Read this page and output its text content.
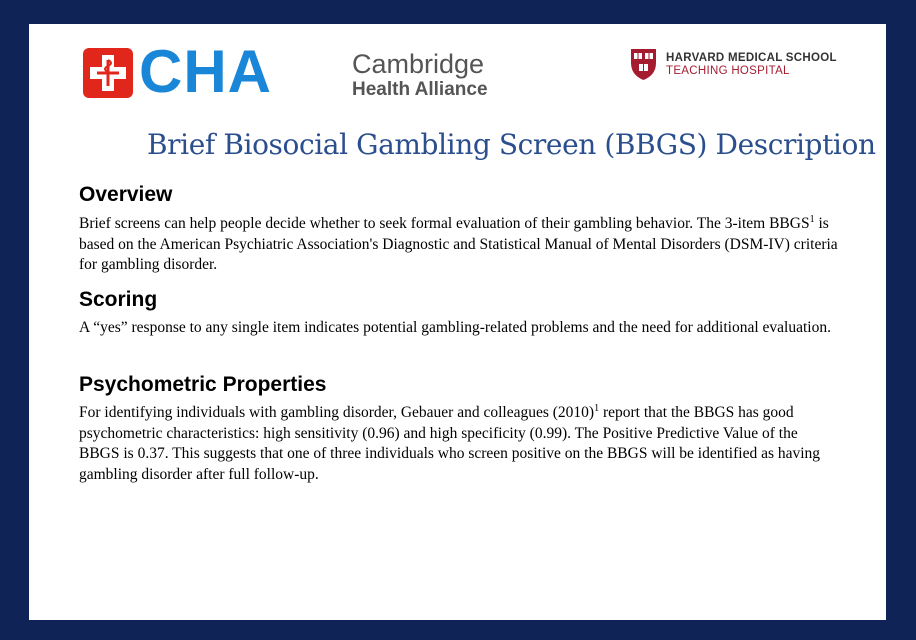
CHA	Cambridge
Health Alliance
HARVARD MEDICAL SCHOOL
TEACHING HOSPITAL
Brief Biosocial Gambling Screen (BBGS) Description
Overview

Brief screens can help people decide whether to seek formal evaluation of their gambling behavior. The 3-item BBGS$^1$ is based on the American Psychiatric Association's Diagnostic and Statistical Manual of Mental Disorders (DSM-IV) criteria for gambling disorder.

Scoring

A “yes” response to any single item indicates potential gambling-related problems and the need for additional evaluation.

Psychometric Properties

For identifying individuals with gambling disorder, Gebauer and colleagues $(2010)^1$ report that the BBGS has good psychometric characteristics: high sensitivity (0.96) and high specificity (0.99). The Positive Predictive Value of the BBGS is 0.37. This suggests that one of three individuals who screen positive on the BBGS will be identified as having gambling disorder after full follow-up.
